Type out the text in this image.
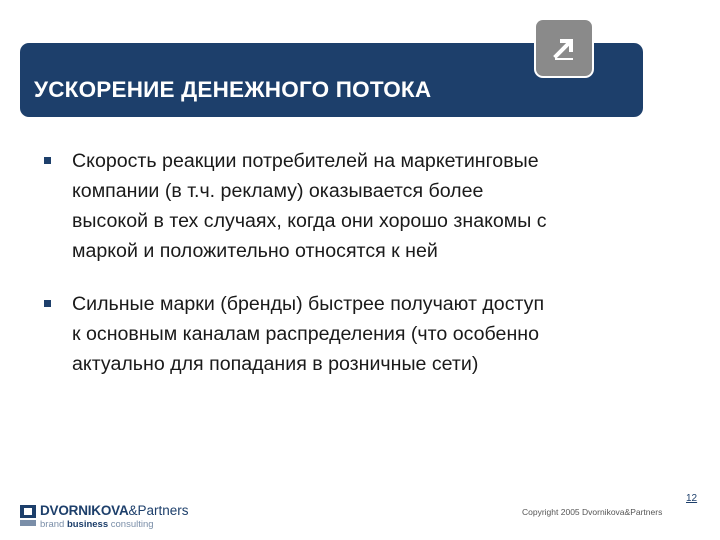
УСКОРЕНИЕ ДЕНЕЖНОГО ПОТОКА
Скорость реакции потребителей на маркетинговые
компании (в т.ч. рекламу) оказывается более
высокой в тех случаях, когда они хорошо знакомы с
маркой и положительно относятся к ней
Сильные марки (бренды) быстрее получают доступ
к основным каналам распределения (что особенно
актуально для попадания в розничные сети)
DVORNIKOVA&Partners
brand business consulting
Copyright 2005 Dvornikova&Partners
12
